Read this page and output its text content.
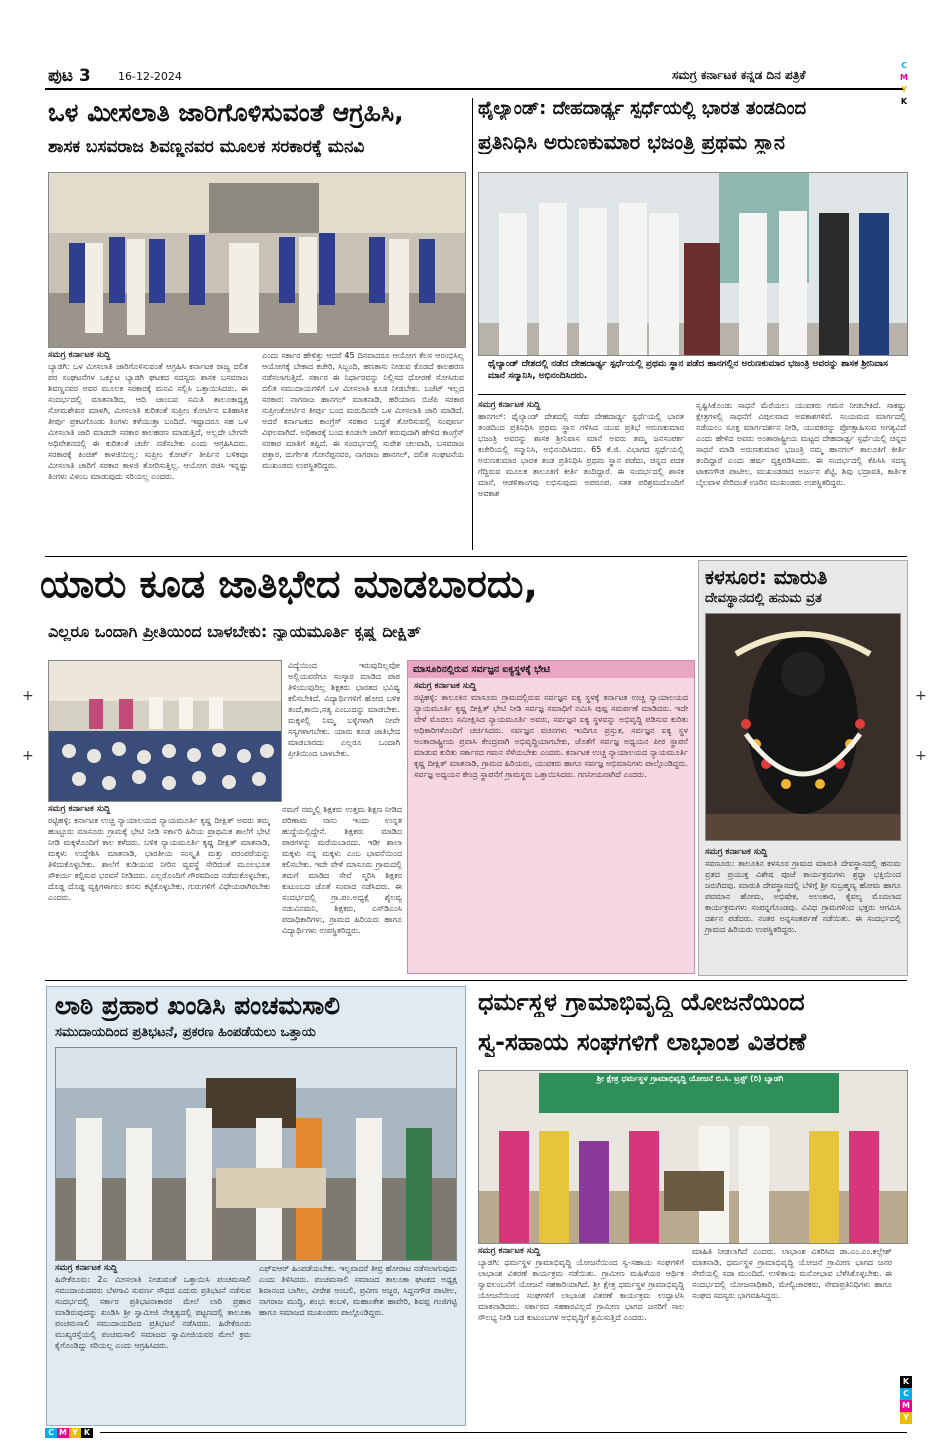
ಪುಟ 3 16-12-2024	ಸಮಗ್ರ ಕರ್ನಾಟಕ ಕನ್ನಡ ದಿನ ಪತ್ರಿಕೆ
C
M
Y
K
+
+
+
+
ಒಳ ಮೀಸಲಾತಿ ಜಾರಿಗೊಳಿಸುವಂತೆ ಆಗ್ರಹಿಸಿ,
ಶಾಸಕ ಬಸವರಾಜ ಶಿವಣ್ಣನವರ ಮೂಲಕ ಸರಕಾರಕ್ಕೆ ಮನವಿ
ಸಮಗ್ರ ಕರ್ನಾಟಕ ಸುದ್ದಿ
ಬ್ಯಾಡಗಿ: ಒಳ ಮೀಸಲಾತಿ ಜಾರಿಗೊಳಿಸುವಂತೆ ಆಗ್ರಹಿಸಿ ಕರ್ನಾಟಕ ರಾಜ್ಯ ದಲಿತ ಪರ ಸಂಘಟನೆಗಳ ಒಕ್ಕೂಟ ಬ್ಯಾಡಗಿ ಘಟಕದ ಸದಸ್ಯರು ಶಾಸಕ ಬಸವರಾಜ ಶಿವಣ್ಣನವರ ಅವರ ಮೂಲಕ ಸರಕಾರಕ್ಕೆ ಮನವಿ ಸಲ್ಲಿಸಿ ಒತ್ತಾಯಿಸಿದರು. ಈ ಸಂದರ್ಭದಲ್ಲಿ ಮಾತನಾಡಿದ, ಆದಿ ಜಾಂಬವ ಸಮಿತಿ ತಾಲೂಕಾಧ್ಯಕ್ಷ ಸೋಮಶೇಖರ ಮಾಳಗಿ, ಮೀಸಲಾತಿ ಕುರಿತಂತೆ ಸುಪ್ರೀಂ ಕೋರ್ಟಿನ ಐತಿಹಾಸಿಕ ತೀರ್ಪು ಪ್ರಕಟಗೊಂಡು ತಿಂಗಳು ಕಳೆಯುತ್ತಾ ಬಂದಿದೆ. ಇಷ್ಟಾದರೂ ಸಹ ಒಳ ಮೀಸಲಾತಿ ಜಾರಿ ಮಾಡದೇ ಸರಕಾರ ಕಾಲಹರಣ ಮಾಡುತ್ತಿದೆ, ಅಲ್ಲದೇ ಬೇಗನೇ ಅಧಿವೇಶನದಲ್ಲಿ ಈ ಕುರಿತಂತೆ ಚರ್ಚೆ ನಡೆಸಬೇಕು ಎಂದು ಆಗ್ರಹಿಸಿದರು. ಸರಕಾರಕ್ಕೆ ಕಿಂಚಿತ್ ಕಾಳಜಿಯಿಲ್ಲ: ಸುಪ್ರೀಂ ಕೋರ್ಟ್ ತೀರ್ಪಿನ ಬಳಿಕವೂ ಮೀಸಲಾತಿ ಜಾರಿಗೆ ಸರಕಾರ ಕಾಳಜಿ ತೋರಿಸುತ್ತಿಲ್ಲ. ಆಯೋಗ ರಚಿಸಿ ಇನ್ನಷ್ಟು ತಿಂಗಳು ವಿಳಂಬ ಮಾಡುವುದು ಸರಿಯಲ್ಲ ಎಂದರು.
ಎಂದು ಸರ್ಕಾರ ಹೇಳಿತ್ತು ಆದರೆ 45 ದಿನವಾದರೂ ಆಯೋಗ ಕೆಲಸ ಆರಂಭಿಸಿಲ್ಲ ಆಯೋಗಕ್ಕೆ ಬೇಕಾದ ಕಚೇರಿ, ಸಿಬ್ಬಂದಿ, ಹಣಕಾಸು ನೀಡುವ ಕೊಡದೆ ಕಾಲಹರಣ ನಡೆಸಲಾಗುತ್ತಿದೆ. ಸರ್ಕಾರ ಈ ನಿರ್ಧಾರವನ್ನು ನಿಲ್ಲಿಸದ ಧೋರಣೆ ಸೋಸಿರುವ ದಲಿತ ಸಮುದಾಯಗಳಿಗೆ ಒಳ ಮೀಸಲಾತಿ ಕೂಡ ನೀಡಬೇಕು. ಬಜೆಟ್ ಇಲ್ಲದ ಸರಕಾರ: ನಾಗರಾಜ ಹಾನಗಲ್ ಮಾತನಾಡಿ, ಹರಿಯಾಣ ಬಿಜೆಪಿ ಸರಕಾರ ಸುಪ್ರೀಂಕೋರ್ಟಿನ ತೀರ್ಪು ಬಂದ ಮರುದಿನವೇ ಒಳ ಮೀಸಲಾತಿ ಜಾರಿ ಮಾಡಿದೆ. ಅದರೆ ಕರ್ನಾಟಕದ ಕಾಂಗ್ರೆಸ್ ಸರಕಾರ ಬದ್ಧತೆ ತೋರಿಸುವಲ್ಲಿ ಸಂಪೂರ್ಣ ವಿಫಲವಾಗಿದೆ. ಅಧಿಕಾರಕ್ಕೆ ಬಂದ ಕೂಡಲೇ ಜಾರಿಗೆ ತರುವುದಾಗಿ ಹೇಳಿದ ಕಾಂಗ್ರೆಸ್ ಸರಕಾರ ಮಾತಿಗೆ ತಪ್ಪಿದೆ. ಈ ಸಂದರ್ಭದಲ್ಲಿ ಸುರೇಶ ಚಲವಾದಿ, ಬಸವರಾಜ ಪತ್ತಾರ, ದುರ್ಗೇಶ ಗೋನೆಪ್ಪನವರ, ನಾಗರಾಜ ಹಾನಗಲ್, ದಲಿತ ಸಂಘಟನೆಯ ಮುಖಂಡರು ಉಪಸ್ಥಿತರಿದ್ದರು.
ಥೈಲ್ಯಾಂಡ್: ದೇಹದಾರ್ಢ್ಯ ಸ್ಪರ್ಧೆಯಲ್ಲಿ ಭಾರತ ತಂಡದಿಂದ
ಪ್ರತಿನಿಧಿಸಿ ಅರುಣಕುಮಾರ ಭಜಂತ್ರಿ ಪ್ರಥಮ ಸ್ಥಾನ
ಥೈಲ್ಯಾಂಡ್ ದೇಶದಲ್ಲಿ ನಡೆದ ದೇಹದಾರ್ಢ್ಯ ಸ್ಪರ್ಧೆಯಲ್ಲಿ ಪ್ರಥಮ ಸ್ಥಾನ ಪಡೆದ ಹಾನಗಲ್ಲಿನ ಅರುಣಕುಮಾರ ಭಜಂತ್ರಿ ಅವರನ್ನು ಶಾಸಕ ಶ್ರೀನಿವಾಸ ಮಾನೆ ಸನ್ಮಾನಿಸಿ, ಅಭಿನಂದಿಸಿದರು.
ಸಮಗ್ರ ಕರ್ನಾಟಕ ಸುದ್ದಿ
ಹಾನಗಲ್: ಥೈಲ್ಯಾಂಡ್ ದೇಶದಲ್ಲಿ ನಡೆದ ದೇಹದಾರ್ಢ್ಯ ಸ್ಪರ್ಧೆಯಲ್ಲಿ ಭಾರತ ತಂಡದಿಂದ ಪ್ರತಿನಿಧಿಸಿ ಪ್ರಥಮ ಸ್ಥಾನ ಗಳಿಸಿದ ಯುವ ಪ್ರತಿಭೆ ಅರುಣಕುಮಾರ ಭಜಂತ್ರಿ ಅವರನ್ನು ಶಾಸಕ ಶ್ರೀನಿವಾಸ ಮಾನೆ ಅವರು ತಮ್ಮ ಜನಸಂಪರ್ಕ ಕಚೇರಿಯಲ್ಲಿ ಸನ್ಮಾನಿಸಿ, ಅಭಿನಂದಿಸಿದರು. 65 ಕೆ.ಜಿ. ವಿಭಾಗದ ಸ್ಪರ್ಧೆಯಲ್ಲಿ ಅರುಣಕುಮಾರ ಭಾರತ ತಂಡ ಪ್ರತಿನಿಧಿಸಿ ಪ್ರಥಮ ಸ್ಥಾನ ಪಡೆದು, ಚಿನ್ನದ ಪದಕ ಗೆದ್ದಿರುವ ಮೂಲಕ ತಾಲೂಕಿಗೆ ಕೀರ್ತಿ ತಂದಿದ್ದಾರೆ. ಈ ಸಂದರ್ಭದಲ್ಲಿ ಶಾಸಕ ಮಾನೆ, ಆಡಳಿತಾಂಗವು ಲಭಿಸುವುದು ಅಪರೂಪ. ಸತತ ಪರಿಶ್ರಮದೊಂದಿಗೆ ಅವಕಾಶ
ಸೃಷ್ಟಿಸಿಕೊಂಡು ಸಾಧನೆ ಮೆರೆಯಲು ಯುವಕರು ಗಮನ ನೀಡಬೇಕಿದೆ. ಸಾಕಷ್ಟು ಕ್ಷೇತ್ರಗಳಲ್ಲಿ ಸಾಧನೆಗೆ ವಿಪುಲವಾದ ಅವಕಾಶಗಳಿವೆ. ಸಂಯಮದ ಮಾರ್ಗದಲ್ಲಿ ನಡೆಯಲು ಸೂಕ್ತ ಮಾರ್ಗದರ್ಶನ ನೀಡಿ, ಯುವಕರನ್ನು ಪ್ರೋತ್ಸಾಹಿಸುವ ಅಗತ್ಯವಿದೆ ಎಂದು ಹೇಳಿದ ಅವರು ಅಂತಾರಾಷ್ಟ್ರೀಯ ಮಟ್ಟದ ದೇಹದಾರ್ಢ್ಯ ಸ್ಪರ್ಧೆಯಲ್ಲಿ ಚಿನ್ನದ ಸಾಧನೆ ಮಾಡಿ ಅರುಣಕುಮಾರ ಭಜಂತ್ರಿ ನಮ್ಮ ಹಾನಗಲ್ ತಾಲೂಕಿಗೆ ಕೀರ್ತಿ ತಂದಿದ್ದಾರೆ ಎಂದು ಹರ್ಷ ವ್ಯಕ್ತಪಡಿಸಿದರು. ಈ ಸಂದರ್ಭದಲ್ಲಿ ಕೆಪಿಸಿಸಿ ಸದಸ್ಯ ಟಾಕನಗೌಡ ಪಾಟೀಲ, ಮುಖಂಡರಾದ ಅರ್ಜುನ ಶೆಟ್ಟಿ, ಶಿವು ಭದ್ರಾವತಿ, ಕಾರ್ತಿಕ ಬೈಲವಾಳ ಸೇರಿದಂತೆ ಊರಿನ ಮುಖಂಡರು ಉಪಸ್ಥಿತರಿದ್ದರು.
ಯಾರು ಕೂಡ ಜಾತಿಭೇದ ಮಾಡಬಾರದು,
ಎಲ್ಲರೂ ಒಂದಾಗಿ ಪ್ರೀತಿಯಿಂದ ಬಾಳಬೇಕು: ನ್ಯಾಯಮೂರ್ತಿ ಕೃಷ್ಣ ದೀಕ್ಷಿತ್
ವಿದ್ಯೆಯಿಂದ ಇರುವುದಿಲ್ಲವೋ ಅಲ್ಲಿಯವರೆಗೂ ಸಂಸ್ಕಾರ ಮಾಡಿದ ಪಾಠ ತಿಳಿಯುವುದಿಲ್ಲ ಶಿಕ್ಷಕರು ಭಾರತದ ಭವಿಷ್ಯ ಕಲಿಸಬೇಕಿದೆ. ವಿದ್ಯಾರ್ಥಿಗಳಿಗೆ ಹೋದ ಬಳಿಕ ತಂದೆ,ತಾಯಿ,ಸತ್ಯ ಎಂಬುದನ್ನು ಮಾಡಬೇಕು. ಮಕ್ಕಳಲ್ಲಿ ನಿಮ್ಮ ಬಳ್ಳಿಗಳಾಗಿ ನೀವೇ ಸಸ್ಯಗಳಾಗಬೇಕು. ಯಾರು ಕೂಡ ಜಾತಿಭೇದ ಮಾಡಬಾರದು ಎಲ್ಲರೂ ಒಂದಾಗಿ ಪ್ರೀತಿಯಿಂದ ಬಾಳಬೇಕು.
ಸಮಗ್ರ ಕರ್ನಾಟಕ ಸುದ್ದಿ
ರಟ್ಟಿಹಳ್ಳಿ: ಕರ್ನಾಟಕ ಉಚ್ಚ ನ್ಯಾಯಾಲಯದ ನ್ಯಾಯಮೂರ್ತಿ ಕೃಷ್ಣ ದೀಕ್ಷಿತ್ ಅವರು ತಮ್ಮ ಹುಟ್ಟೂರು ಮಾಸೂರು ಗ್ರಾಮಕ್ಕೆ ಭೇಟಿ ನೀಡಿ ಸರ್ಕಾರಿ ಹಿರಿಯ ಪ್ರಾಥಮಿಕ ಶಾಲೆಗೆ ಭೇಟಿ ನೀಡಿ ಮಕ್ಕಳೊಂದಿಗೆ ಕಾಲ ಕಳೆದರು. ಬಳಿಕ ನ್ಯಾಯಮೂರ್ತಿ ಕೃಷ್ಣ ದೀಕ್ಷಿತ್ ಮಾತನಾಡಿ, ಮಕ್ಕಳು ಉದ್ದೇಶಿಸಿ ಮಾತನಾಡಿ, ಭಾರತೀಯ ಸಂಸ್ಕೃತಿ ಮತ್ತು ಪರಂಪರೆಯನ್ನು ತಿಳಿದುಕೊಳ್ಳಬೇಕು. ಶಾಲೆಗೆ ಕುಡಿಯುವ ನೀರಿನ ವ್ಯವಸ್ಥೆ ಸೇರಿದಂತೆ ಮೂಲಭೂತ ಸೌಕರ್ಯ ಕಲ್ಪಿಸುವ ಭರವಸೆ ನೀಡಿದರು. ಎಲ್ಲರೊಂದಿಗೆ ಗೌರವದಿಂದ ನಡೆದುಕೊಳ್ಳಬೇಕು, ದೊಡ್ಡ ದೊಡ್ಡ ವ್ಯಕ್ತಿಗಳಾಗಲು ಕನಸು ಕಟ್ಟಿಕೊಳ್ಳಬೇಕು, ಗುರುಗಳಿಗೆ ವಿಧೇಯರಾಗಿರಬೇಕು ಎಂದರು.
ನಮಗೆ ನಮ್ಮಲ್ಲಿ ಶಿಕ್ಷಕರು ಉತ್ತಮ ಶಿಕ್ಷಣ ನೀಡಿದ ಪರಿಣಾಮ ನಾನು ಇಂದು ಉನ್ನತ ಹುದ್ದೆಯಲ್ಲಿದ್ದೇನೆ. ಶಿಕ್ಷಕರು ಮಾಡಿದ ಪಾಠಗಳನ್ನು ಮರೆಯಬಾರದು. ಇಡೀ ಶಾಲಾ ಮಕ್ಕಳು ನನ್ನ ಮಕ್ಕಳು ಎಂಬ ಭಾವನೆಯಿಂದ ಕಲಿಸಬೇಕು. ಇದೇ ವೇಳೆ ಮಾಸೂರು ಗ್ರಾಮದಲ್ಲಿ ತಮಗೆ ಮಾಡಿದ ಸೇವೆ ಸ್ಮರಿಸಿ ಶಿಕ್ಷಕರ ಕುಟುಂಬದ ಜೊತೆ ಸಂವಾದ ನಡೆಸಿದರು. ಈ ಸಂದರ್ಭದಲ್ಲಿ ಗ್ರಾ.ಪಂ.ಅಧ್ಯಕ್ಷೆ ಶೈಲವ್ವ ನಡುವಿನಮನಿ, ಶಿಕ್ಷಕರು, ಎಸ್‌ಡಿಎಂಸಿ ಪದಾಧಿಕಾರಿಗಳು, ಗ್ರಾಮದ ಹಿರಿಯರು ಹಾಗೂ ವಿದ್ಯಾರ್ಥಿಗಳು ಉಪಸ್ಥಿತರಿದ್ದರು.
ಮಾಸೂರಿನಲ್ಲಿರುವ ಸರ್ವಜ್ಞನ ಐಕ್ಯಸ್ಥಳಕ್ಕೆ ಭೇಟಿ
ಸಮಗ್ರ ಕರ್ನಾಟಕ ಸುದ್ದಿ
ರಟ್ಟಿಹಳ್ಳಿ: ತಾಲೂಕಿನ ಮಾಸೂರು ಗ್ರಾಮದಲ್ಲಿರುವ ಸರ್ವಜ್ಞನ ಐಕ್ಯ ಸ್ಥಳಕ್ಕೆ ಕರ್ನಾಟಕ ಉಚ್ಚ ನ್ಯಾಯಾಲಯದ ನ್ಯಾಯಮೂರ್ತಿ ಕೃಷ್ಣ ದೀಕ್ಷಿತ್ ಭೇಟಿ ನೀಡಿ ಸರ್ವಜ್ಞ ಸಮಾಧಿಗೆ ನಮಿಸಿ ಪುಷ್ಪ ಸಮರ್ಪಣೆ ಮಾಡಿದರು. ಇದೇ ವೇಳೆ ಮೊದಲು ಸಮೀಕ್ಷಿಸಿದ ನ್ಯಾಯಮೂರ್ತಿ ಅವರು, ಸರ್ವಜ್ಞನ ಐಕ್ಯ ಸ್ಥಳವನ್ನು ಅಭಿವೃದ್ಧಿ ಪಡಿಸುವ ಕುರಿತು ಅಧಿಕಾರಿಗಳೊಂದಿಗೆ ಚರ್ಚಿಸಿದರು. ಸರ್ವಜ್ಞನ ವಚನಗಳು ಇಂದಿಗೂ ಪ್ರಸ್ತುತ, ಸರ್ವಜ್ಞನ ಐಕ್ಯ ಸ್ಥಳ ಅಂತಾರಾಷ್ಟ್ರೀಯ ಪ್ರವಾಸಿ ಕೇಂದ್ರವಾಗಿ ಅಭಿವೃದ್ಧಿಯಾಗಬೇಕು, ಜೊತೆಗೆ ಸರ್ವಜ್ಞ ಅಧ್ಯಯನ ಪೀಠ ಸ್ಥಾಪನೆ ಮಾಡುವ ಕುರಿತು ಸರ್ಕಾರದ ಗಮನ ಸೆಳೆಯಬೇಕು ಎಂದರು. ಕರ್ನಾಟಕ ಉಚ್ಚ ನ್ಯಾಯಾಲಯದ ನ್ಯಾಯಮೂರ್ತಿ ಕೃಷ್ಣ ದೀಕ್ಷಿತ್ ಮಾತನಾಡಿ, ಗ್ರಾಮದ ಹಿರಿಯರು, ಯುವಕರು ಹಾಗೂ ಸರ್ವಜ್ಞ ಅಭಿಮಾನಿಗಳು ಪಾಲ್ಗೊಂಡಿದ್ದರು. ಸರ್ವಜ್ಞ ಅಧ್ಯಯನ ಕೇಂದ್ರ ಸ್ಥಾಪನೆಗೆ ಗ್ರಾಮಸ್ಥರು ಒತ್ತಾಯಿಸಿದರು. ಗಣನೀಯವಾಗಿದೆ ಎಂದರು.
ಕಳಸೂರ: ಮಾರುತಿ
ದೇವಸ್ಥಾನದಲ್ಲಿ ಹನುಮ ವ್ರತ
ಸಮಗ್ರ ಕರ್ನಾಟಕ ಸುದ್ದಿ
ಸವಣೂರು: ತಾಲೂಕಿನ ಕಳಸೂರ ಗ್ರಾಮದ ಮಾರುತಿ ದೇವಸ್ಥಾನದಲ್ಲಿ ಹನುಮ ವ್ರತದ ಪ್ರಯುಕ್ತ ವಿಶೇಷ ಪೂಜೆ ಕಾರ್ಯಕ್ರಮಗಳು ಶ್ರದ್ಧಾ ಭಕ್ತಿಯಿಂದ ಜರುಗಿದವು. ಮಾರುತಿ ದೇವಸ್ಥಾನದಲ್ಲಿ ಬೆಳಿಗ್ಗೆ ಶ್ರೀ ಸುಬ್ರಹ್ಮಣ್ಯ ಹೋಮ ಹಾಗೂ ಪವಮಾನ ಹೋಮ, ಅಭಿಷೇಕ, ಅಲಂಕಾರ, ಕೈವಲ್ಯ ಮೊದಲಾದ ಕಾರ್ಯಕ್ರಮಗಳು ಸಂಪನ್ನಗೊಂಡವು. ವಿವಿಧ ಗ್ರಾಮಗಳಿಂದ ಭಕ್ತರು ಆಗಮಿಸಿ ದರ್ಶನ ಪಡೆದರು. ನಂತರ ಅನ್ನಸಂತರ್ಪಣೆ ನಡೆಯಿತು. ಈ ಸಂದರ್ಭದಲ್ಲಿ ಗ್ರಾಮದ ಹಿರಿಯರು ಉಪಸ್ಥಿತರಿದ್ದರು.
ಲಾಠಿ ಪ್ರಹಾರ ಖಂಡಿಸಿ ಪಂಚಮಸಾಲಿ
ಸಮುದಾಯದಿಂದ ಪ್ರತಿಭಟನೆ, ಪ್ರಕರಣ ಹಿಂಪಡೆಯಲು ಒತ್ತಾಯ
ಸಮಗ್ರ ಕರ್ನಾಟಕ ಸುದ್ದಿ
ಹಿರೇಕೆರೂರು: 2ಎ ಮೀಸಲಾತಿ ನೀಡುವಂತೆ ಒತ್ತಾಯಿಸಿ ಪಂಚಮಸಾಲಿ ಸಮುದಾಯದವರು ಬೆಳಗಾವಿ ಸುವರ್ಣ ಸೌಧದ ಎದುರು ಪ್ರತಿಭಟನೆ ನಡೆಸುವ ಸಂದರ್ಭದಲ್ಲಿ ಸರ್ಕಾರ ಪ್ರತಿಭಟನಾಕಾರರ ಮೇಲೆ ಲಾಠಿ ಪ್ರಹಾರ ಮಾಡಿರುವುದನ್ನು ಖಂಡಿಸಿ ಶ್ರೀ ಸ್ವಾಮೀಜಿ ನೇತೃತ್ವದಲ್ಲಿ ಪಟ್ಟಣದಲ್ಲಿ ತಾಲೂಕಾ ಪಂಚಮಸಾಲಿ ಸಮುದಾಯದಿಂದ ಪ್ರತಿಭಟನೆ ನಡೆಸಿದರು. ಹಿರೇಕೆರೂರು ಮುಖ್ಯರಸ್ತೆಯಲ್ಲಿ ಪಂಚಮಸಾಲಿ ಸಮಾಜದ ಸ್ವಾಮೀಜಿಯವರ ಮೇಲೆ ಕ್ರಮ ಕೈಗೊಂಡಿದ್ದು ಸರಿಯಲ್ಲ ಎಂದು ಆಗ್ರಹಿಸಿದರು.
ಎಫ್‌ಐಆರ್ ಹಿಂಪಡೆಯಬೇಕು. ಇಲ್ಲವಾದರೆ ತೀವ್ರ ಹೋರಾಟ ನಡೆಸಲಾಗುವುದು ಎಂದು ತಿಳಿಸಿದರು. ಪಂಚಮಸಾಲಿ ಸಮಾಜದ ತಾಲೂಕಾ ಘಟಕದ ಅಧ್ಯಕ್ಷ ಶಿವಾನಂದ ಬಾಗಿಲ, ವೀರೇಶ ಅಂಬಲಿ, ಪ್ರವೀಣ ಅಜ್ಜರ, ಸಿದ್ದನಗೌಡ ಪಾಟೀಲ, ನಾಗರಾಜ ಮುದ್ದಿ, ಶಂಭು ಕಂಬಳಿ, ಮಹಾಂತೇಶ ಹಾವೇರಿ, ಶಿವಪ್ಪ ಗಂಜಿಗಟ್ಟಿ ಹಾಗೂ ಸಮಾಜದ ಮುಖಂಡರು ಪಾಲ್ಗೊಂಡಿದ್ದರು.
ಧರ್ಮಸ್ಥಳ ಗ್ರಾಮಾಭಿವೃದ್ಧಿ ಯೋಜನೆಯಿಂದ
ಸ್ವ-ಸಹಾಯ ಸಂಘಗಳಿಗೆ ಲಾಭಾಂಶ ವಿತರಣೆ
ಶ್ರೀ ಕ್ಷೇತ್ರ ಧರ್ಮಸ್ಥಳ ಗ್ರಾಮಾಭಿವೃದ್ಧಿ ಯೋಜನೆ ಬಿ.ಸಿ. ಟ್ರಸ್ಟ್ (ರಿ) ಬ್ಯಾಡಗಿ
ಸಮಗ್ರ ಕರ್ನಾಟಕ ಸುದ್ದಿ
ಬ್ಯಾಡಗಿ: ಧರ್ಮಸ್ಥಳ ಗ್ರಾಮಾಭಿವೃದ್ಧಿ ಯೋಜನೆಯಿಂದ ಸ್ವ-ಸಹಾಯ ಸಂಘಗಳಿಗೆ ಲಾಭಾಂಶ ವಿತರಣೆ ಕಾರ್ಯಕ್ರಮ ನಡೆಯಿತು. ಗ್ರಾಮೀಣ ಮಹಿಳೆಯರ ಆರ್ಥಿಕ ಸ್ವಾವಲಂಬನೆಗೆ ಯೋಜನೆ ಸಹಕಾರಿಯಾಗಿದೆ. ಶ್ರೀ ಕ್ಷೇತ್ರ ಧರ್ಮಸ್ಥಳ ಗ್ರಾಮಾಭಿವೃದ್ಧಿ ಯೋಜನೆಯಿಂದ ಸಂಘಗಳಿಗೆ ಲಾಭಾಂಶ ವಿತರಣೆ ಕಾರ್ಯಕ್ರಮ ಉದ್ಘಾಟಿಸಿ ಮಾತನಾಡಿದರು. ಸರ್ಕಾರದ ಸಹಕಾರವಿಲ್ಲದೆ ಗ್ರಾಮೀಣ ಭಾಗದ ಜನರಿಗೆ ಸಾಲ ಸೌಲಭ್ಯ ನೀಡಿ ಬಡ ಕುಟುಂಬಗಳ ಅಭಿವೃದ್ಧಿಗೆ ಶ್ರಮಿಸುತ್ತಿದೆ ಎಂದರು.
ಮಾಹಿತಿ ನೀಡಲಾಗಿದೆ ಎಂದರು. ಲಾಭಾಂಶ ವಿತರಿಸಿದ ಡಾ.ಎಂ.ಎಂ.ಕಲ್ಲೇಶ್ ಮಾತನಾಡಿ, ಧರ್ಮಸ್ಥಳ ಗ್ರಾಮಾಭಿವೃದ್ಧಿ ಯೋಜನೆ ಗ್ರಾಮೀಣ ಭಾಗದ ಜನರ ಸೇವೆಯಲ್ಲಿ ಸದಾ ಮುಂದಿದೆ. ಉಳಿತಾಯ ಮನೋಭಾವ ಬೆಳೆಸಿಕೊಳ್ಳಬೇಕು. ಈ ಸಂದರ್ಭದಲ್ಲಿ ಯೋಜನಾಧಿಕಾರಿ, ಮೇಲ್ವಿಚಾರಕರು, ಸೇವಾಪ್ರತಿನಿಧಿಗಳು ಹಾಗೂ ಸಂಘದ ಸದಸ್ಯರು ಭಾಗವಹಿಸಿದ್ದರು.
K
C
M
Y
C M Y K
